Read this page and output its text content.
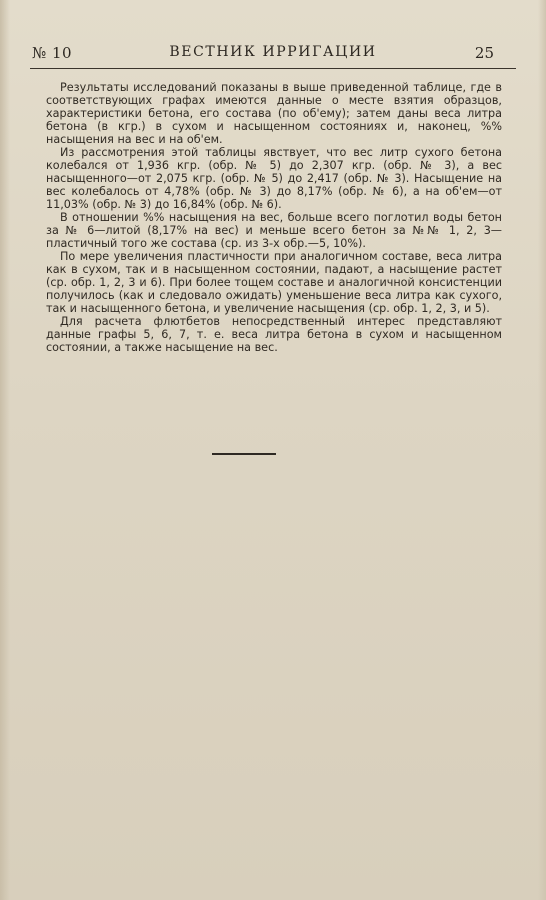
№ 10	ВЕСТНИК ИРРИГАЦИИ	25

Результаты исследований показаны в выше приведенной таблице, где в соответствующих графах имеются данные о месте взятия образцов, характеристики бетона, его состава (по об'ему); затем даны веса литра бетона (в кгр.) в сухом и насыщенном состояниях и, наконец, %% насыщения на вес и на об'ем.

Из рассмотрения этой таблицы явствует, что вес литр сухого бетона колебался от 1,936 кгр. (обр. № 5) до 2,307 кгр. (обр. № 3), а вес насыщенного—от 2,075 кгр. (обр. № 5) до 2,417 (обр. № 3). Насыщение на вес колебалось от 4,78% (обр. № 3) до 8,17% (обр. № 6), а на об'ем—от 11,03% (обр. № 3) до 16,84% (обр. № 6).

В отношении %% насыщения на вес, больше всего поглотил воды бетон за № 6—литой (8,17% на вес) и меньше всего бетон за №№ 1, 2, 3—пластичный того же состава (ср. из 3-х обр.—5, 10%).

По мере увеличения пластичности при аналогичном составе, веса литра как в сухом, так и в насыщенном состоянии, падают, а насыщение растет (ср. обр. 1, 2, 3 и 6). При более тощем составе и аналогичной консистенции получилось (как и следовало ожидать) уменьшение веса литра как сухого, так и насыщенного бетона, и увеличение насыщения (ср. обр. 1, 2, 3, и 5).

Для расчета флютбетов непосредственный интерес представляют данные графы 5, 6, 7, т. е. веса литра бетона в сухом и насыщенном состоянии, а также насыщение на вес.
